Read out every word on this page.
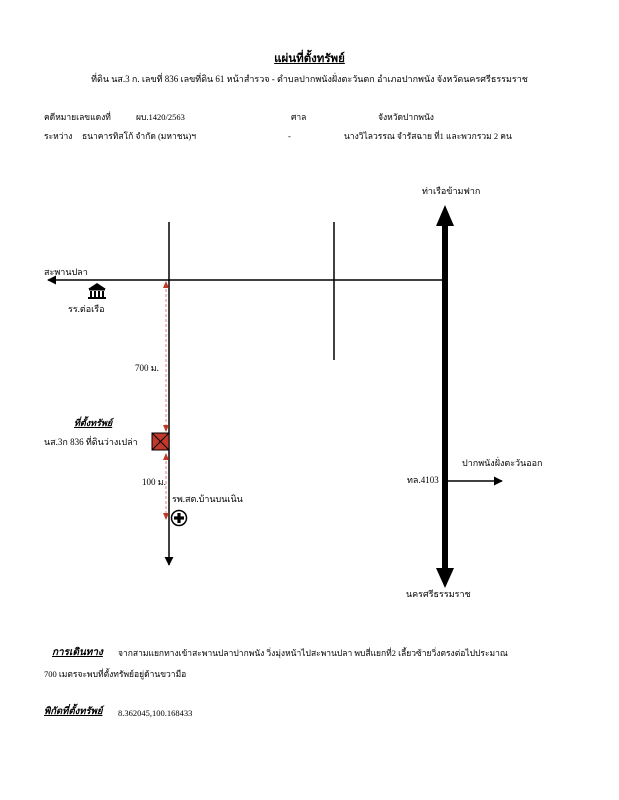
แผ่นที่ตั้งทรัพย์
ที่ดิน นส.3 ก. เลขที่ 836 เลขที่ดิน 61 หน้าสำรวจ - ตำบลปากพนังฝั่งตะวันตก อำเภอปากพนัง จังหวัดนครศรีธรรมราช
คดีหมายเลขแดงที่	ผบ.1420/2563	ศาล	จังหวัดปากพนัง
ระหว่าง ธนาคารทิสโก้ จำกัด (มหาชน)ฯ	-	นางวิไลวรรณ จำรัสฉาย ที่1 และพวกรวม 2 คน
ท่าเรือข้ามฟาก
นครศรีธรรมราช
สะพานปลา
ปากพนังฝั่งตะวันออก
ทล.4103
รร.ต่อเรือ
700 ม.
100 ม.
ที่ตั้งทรัพย์
นส.3ก 836 ที่ดินว่างเปล่า
รพ.สต.บ้านบนเนิน
การเดินทาง จากสามแยกทางเข้าสะพานปลาปากพนัง วิ่งมุ่งหน้าไปสะพานปลา พบสี่แยกที่2 เลี้ยวซ้ายวิ่งตรงต่อไปประมาณ
700 เมตรจะพบที่ตั้งทรัพย์อยู่ด้านขวามือ
พิกัดที่ตั้งทรัพย์ 8.362045,100.168433
